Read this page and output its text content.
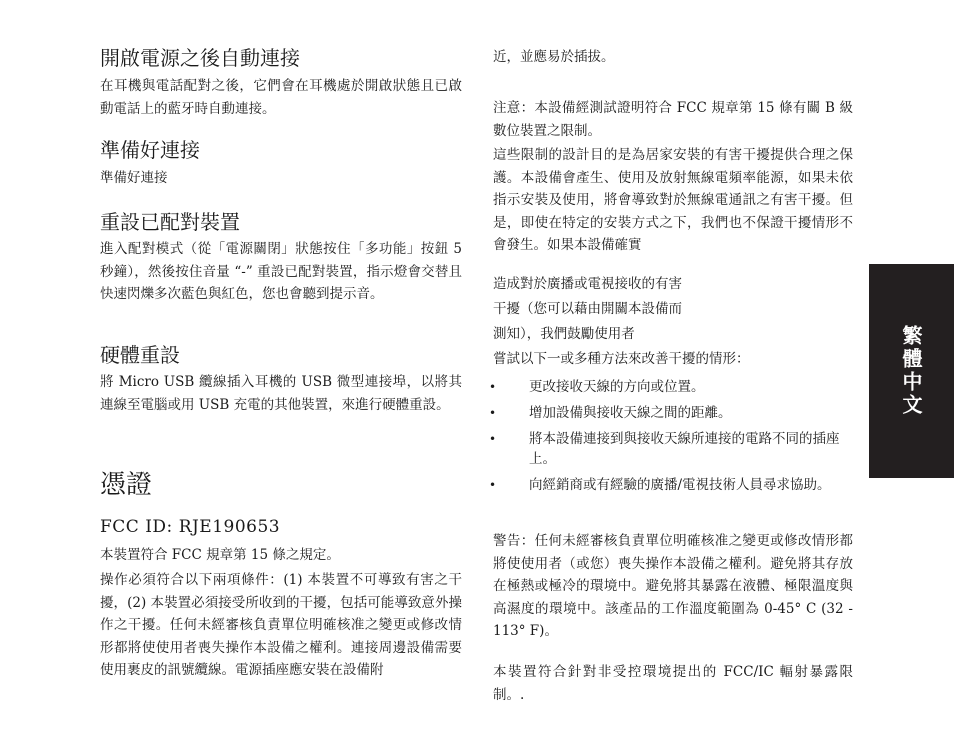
開啟電源之後自動連接

在耳機與電話配對之後，它們會在耳機處於開啟狀態且已啟動電話上的藍牙時自動連接。

準備好連接

準備好連接

重設已配對裝置

進入配對模式（從「電源關閉」狀態按住「多功能」按鈕 5 秒鐘），然後按住音量 “-” 重設已配對裝置，指示燈會交替且快速閃爍多次藍色與紅色，您也會聽到提示音。

硬體重設

將 Micro USB 纜線插入耳機的 USB 微型連接埠，以將其連線至電腦或用 USB 充電的其他裝置，來進行硬體重設。

憑證
FCC ID: RJE190653

本裝置符合 FCC 規章第 15 條之規定。

操作必須符合以下兩項條件：(1) 本裝置不可導致有害之干擾，(2) 本裝置必須接受所收到的干擾，包括可能導致意外操作之干擾。任何未經審核負責單位明確核准之變更或修改情形都將使使用者喪失操作本設備之權利。連接周邊設備需要使用裹皮的訊號纜線。電源插座應安裝在設備附

近，並應易於插拔。

注意：本設備經測試證明符合 FCC 規章第 15 條有關 B 級數位裝置之限制。

這些限制的設計目的是為居家安裝的有害干擾提供合理之保護。本設備會產生、使用及放射無線電頻率能源，如果未依指示安裝及使用，將會導致對於無線電通訊之有害干擾。但是，即使在特定的安裝方式之下，我們也不保證干擾情形不會發生。如果本設備確實

造成對於廣播或電視接收的有害

干擾（您可以藉由開關本設備而

測知），我們鼓勵使用者

嘗試以下一或多種方法來改善干擾的情形：

• 更改接收天線的方向或位置。
• 增加設備與接收天線之間的距離。
• 將本設備連接到與接收天線所連接的電路不同的插座上。
• 向經銷商或有經驗的廣播/電視技術人員尋求協助。

警告：任何未經審核負責單位明確核准之變更或修改情形都將使使用者（或您）喪失操作本設備之權利。避免將其存放在極熱或極冷的環境中。避免將其暴露在液體、極限溫度與高濕度的環境中。該產品的工作溫度範圍為 0-45° C (32 - 113° F)。

本裝置符合針對非受控環境提出的 FCC/IC 輻射暴露限制。.

繁體中文
